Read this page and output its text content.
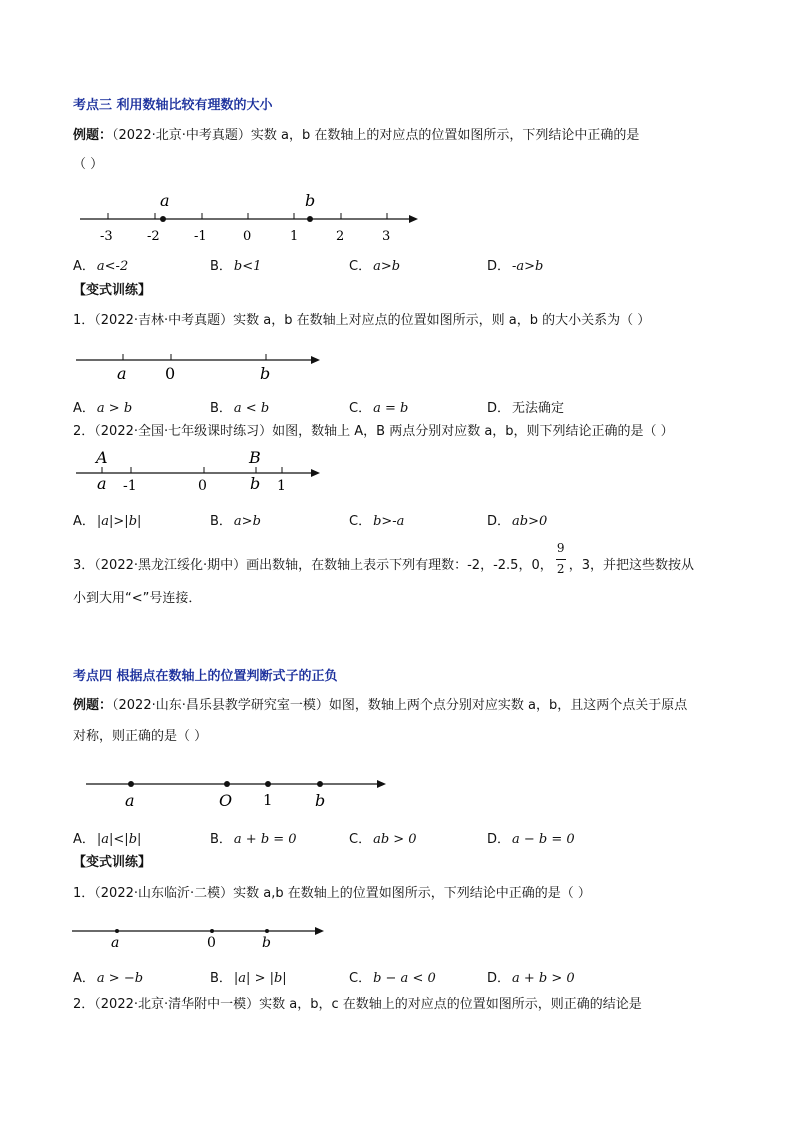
考点三 利用数轴比较有理数的大小
例题：（2022·北京·中考真题）实数 a，b 在数轴上的对应点的位置如图所示，下列结论中正确的是
（ ）
a	b
-3	-2	-1	0	1	2	3
a 0	b
A	B
a -1	0	b 1
a	O 1	b
a	0	b
A． a<-2	B． b<1	C． a>b	D． -a>b
【变式训练】
1．（2022·吉林·中考真题）实数 a，b 在数轴上对应点的位置如图所示，则 a，b 的大小关系为（ ）
A． a > b	B． a < b	C． a = b	D． 无法确定
2．（2022·全国·七年级课时练习）如图，数轴上 A，B 两点分别对应数 a，b，则下列结论正确的是（ ）
A． |a|>|b|	B． a>b	C． b>-a	D． ab>0
3．（2022·黑龙江绥化·期中）画出数轴，在数轴上表示下列有理数：-2，-2.5，0， $\frac{9}{2}$ ，3，并把这些数按从
小到大用“<”号连接．
考点四 根据点在数轴上的位置判断式子的正负
例题：（2022·山东·昌乐县教学研究室一模）如图，数轴上两个点分别对应实数 a，b，且这两个点关于原点
对称，则正确的是（ ）
A． |a|<|b|	B． a + b = 0	C． ab > 0	D． a − b = 0
【变式训练】
1．（2022·山东临沂·二模）实数 a,b 在数轴上的位置如图所示，下列结论中正确的是（ ）
A． a > −b	B． |a| > |b|	C． b − a < 0	D． a + b > 0
2．（2022·北京·清华附中一模）实数 a，b，c 在数轴上的对应点的位置如图所示，则正确的结论是
